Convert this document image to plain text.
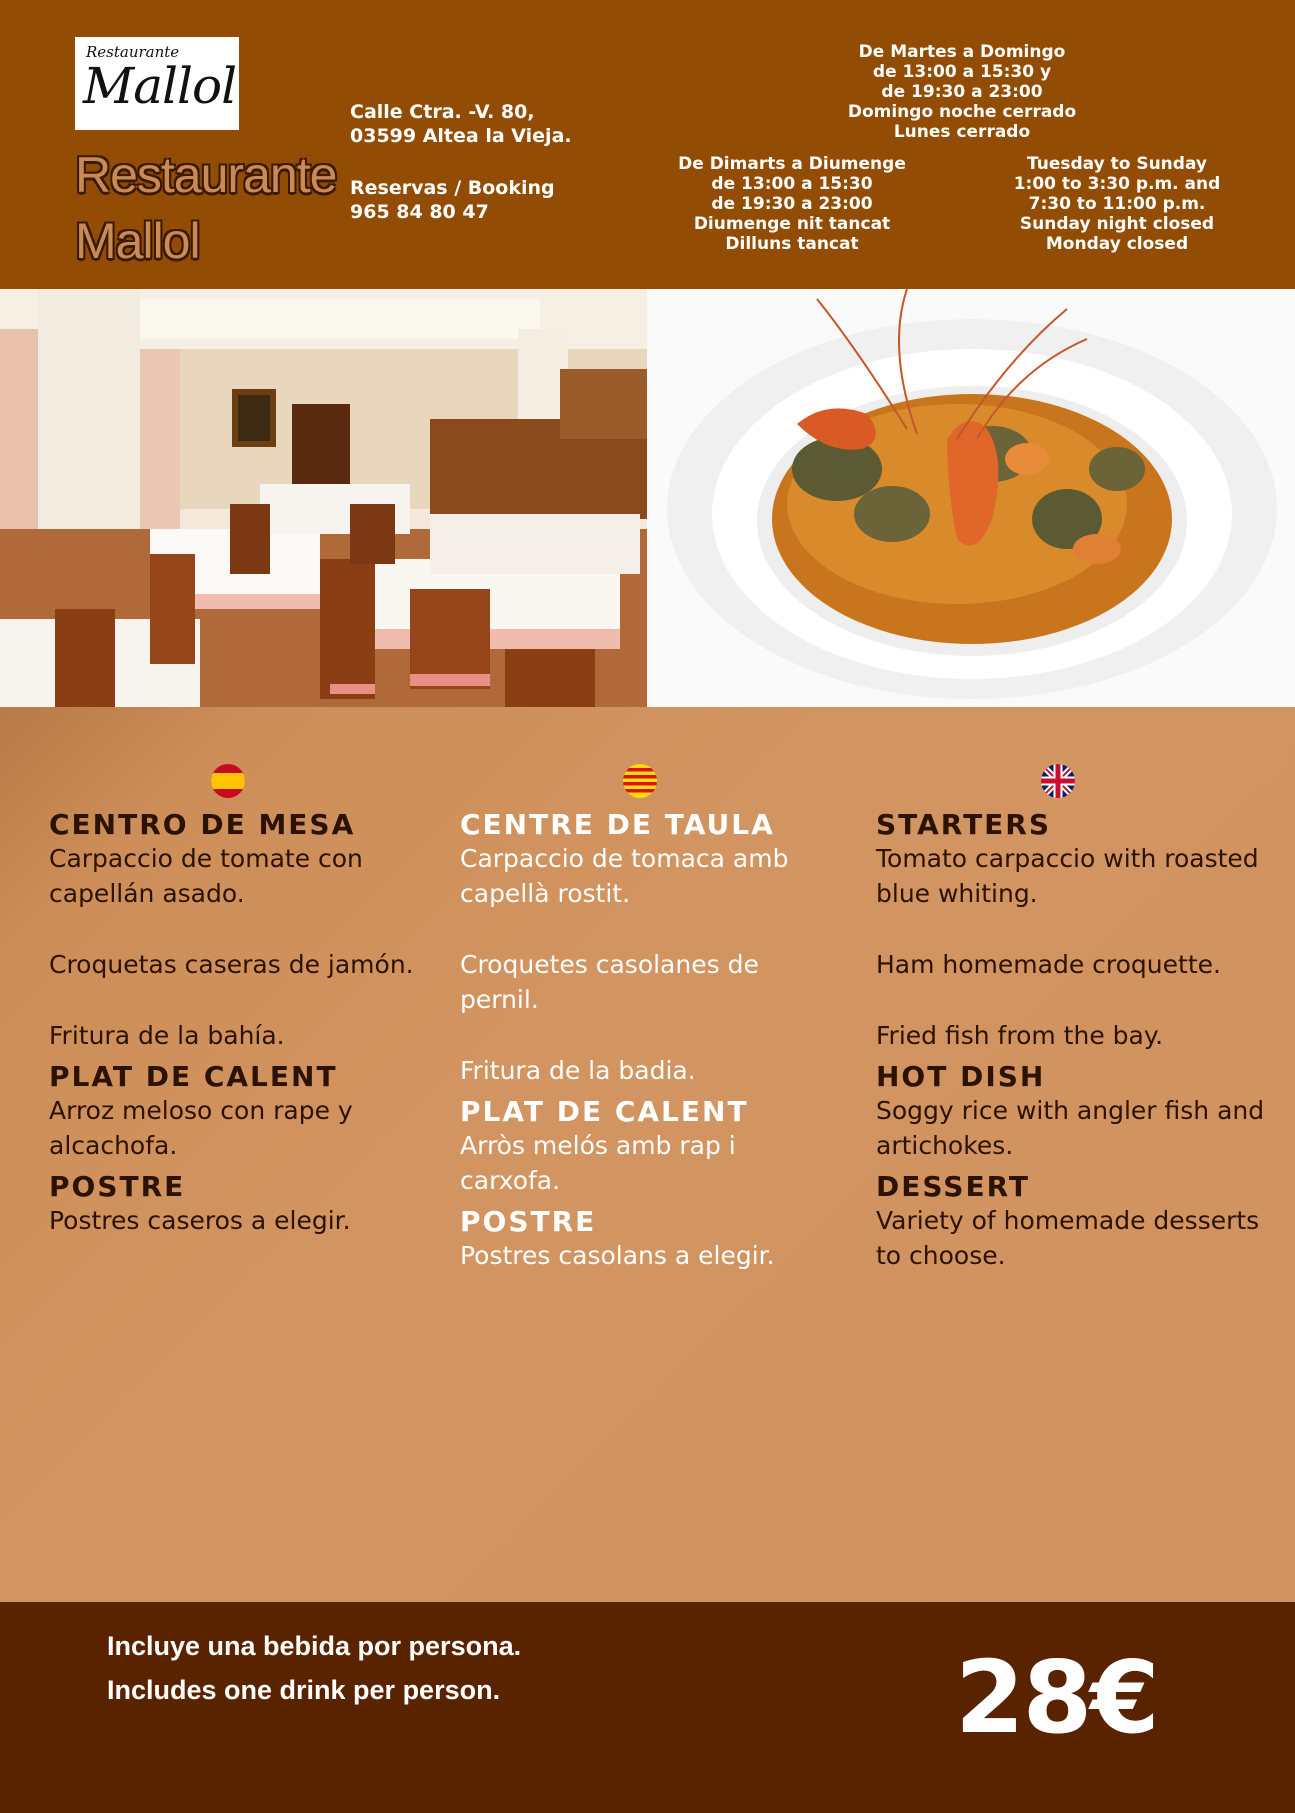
Restaurante
Mallol
Restaurante
Mallol
Calle Ctra. -V. 80,
03599 Altea la Vieja.
Reservas / Booking
965 84 80 47
De Martes a Domingo
de 13:00 a 15:30 y
de 19:30 a 23:00
Domingo noche cerrado
Lunes cerrado
De Dimarts a Diumenge
de 13:00 a 15:30
de 19:30 a 23:00
Diumenge nit tancat
Dilluns tancat
Tuesday to Sunday
1:00 to 3:30 p.m. and
7:30 to 11:00 p.m.
Sunday night closed
Monday closed
CENTRO DE MESA
Carpaccio de tomate con capellán asado.
Croquetas caseras de jamón.
Fritura de la bahía.
PLAT DE CALENT
Arroz meloso con rape y alcachofa.
POSTRE
Postres caseros a elegir.
CENTRE DE TAULA
Carpaccio de tomaca amb capellà rostit.
Croquetes casolanes de pernil.
Fritura de la badia.
PLAT DE CALENT
Arròs melós amb rap i carxofa.
POSTRE
Postres casolans a elegir.
STARTERS
Tomato carpaccio with roasted blue whiting.
Ham homemade croquette.
Fried fish from the bay.
HOT DISH
Soggy rice with angler fish and artichokes.
DESSERT
Variety of homemade desserts to choose.
Incluye una bebida por persona.
Includes one drink per person.	28€
